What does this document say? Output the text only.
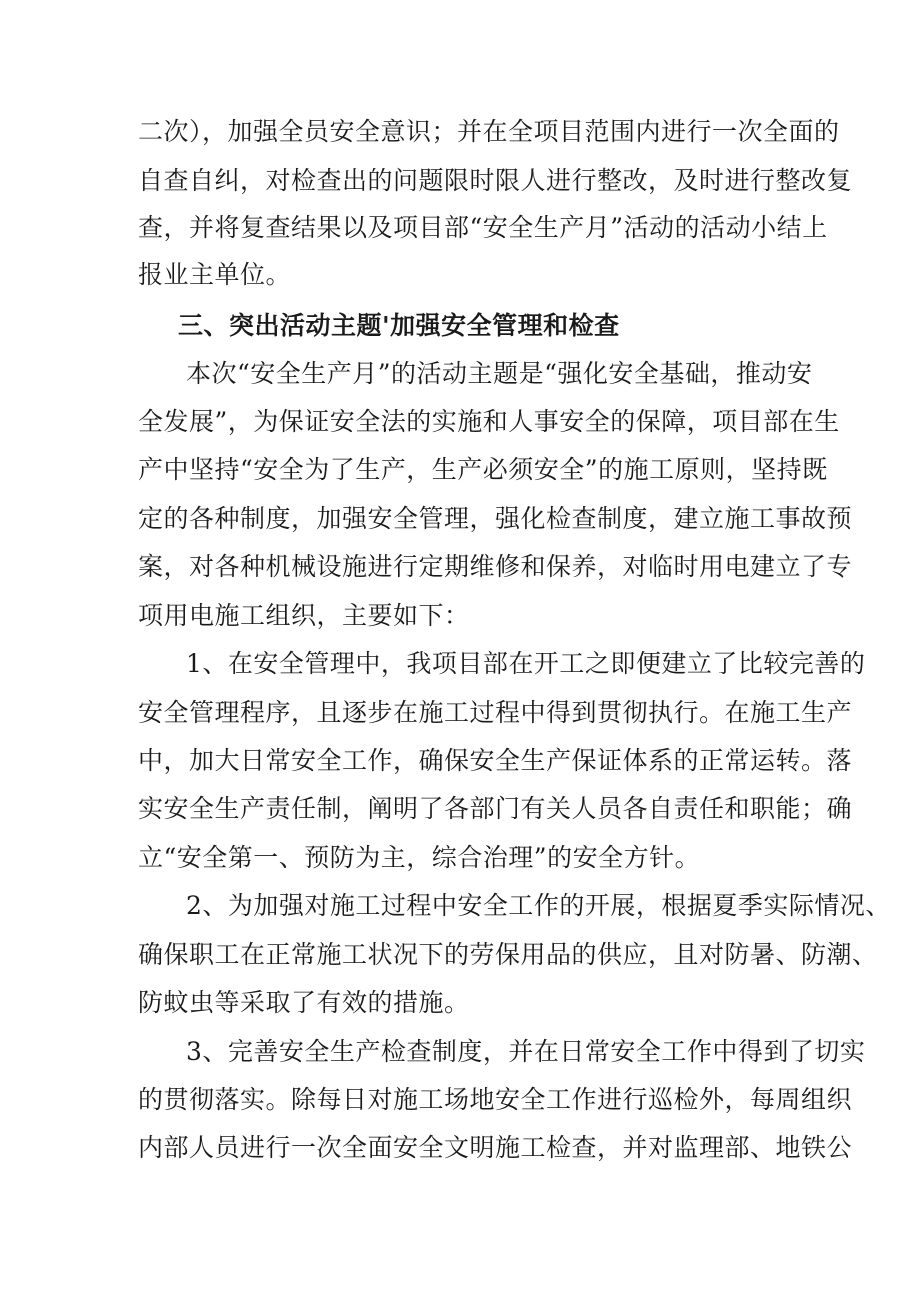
二次），加强全员安全意识；并在全项目范围内进行一次全面的
自查自纠，对检查出的问题限时限人进行整改，及时进行整改复
查，并将复查结果以及项目部“安全生产月”活动的活动小结上
报业主单位。
三、突出活动主题'加强安全管理和检查
本次“安全生产月”的活动主题是“强化安全基础，推动安
全发展”，为保证安全法的实施和人事安全的保障，项目部在生
产中坚持“安全为了生产，生产必须安全”的施工原则，坚持既
定的各种制度，加强安全管理，强化检查制度，建立施工事故预
案，对各种机械设施进行定期维修和保养，对临时用电建立了专
项用电施工组织，主要如下：
1、在安全管理中，我项目部在开工之即便建立了比较完善的
安全管理程序，且逐步在施工过程中得到贯彻执行。在施工生产
中，加大日常安全工作，确保安全生产保证体系的正常运转。落
实安全生产责任制，阐明了各部门有关人员各自责任和职能；确
立“安全第一、预防为主，综合治理”的安全方针。
2、为加强对施工过程中安全工作的开展，根据夏季实际情况、
确保职工在正常施工状况下的劳保用品的供应，且对防暑、防潮、
防蚊虫等采取了有效的措施。
3、完善安全生产检查制度，并在日常安全工作中得到了切实
的贯彻落实。除每日对施工场地安全工作进行巡检外，每周组织
内部人员进行一次全面安全文明施工检查，并对监理部、地铁公
